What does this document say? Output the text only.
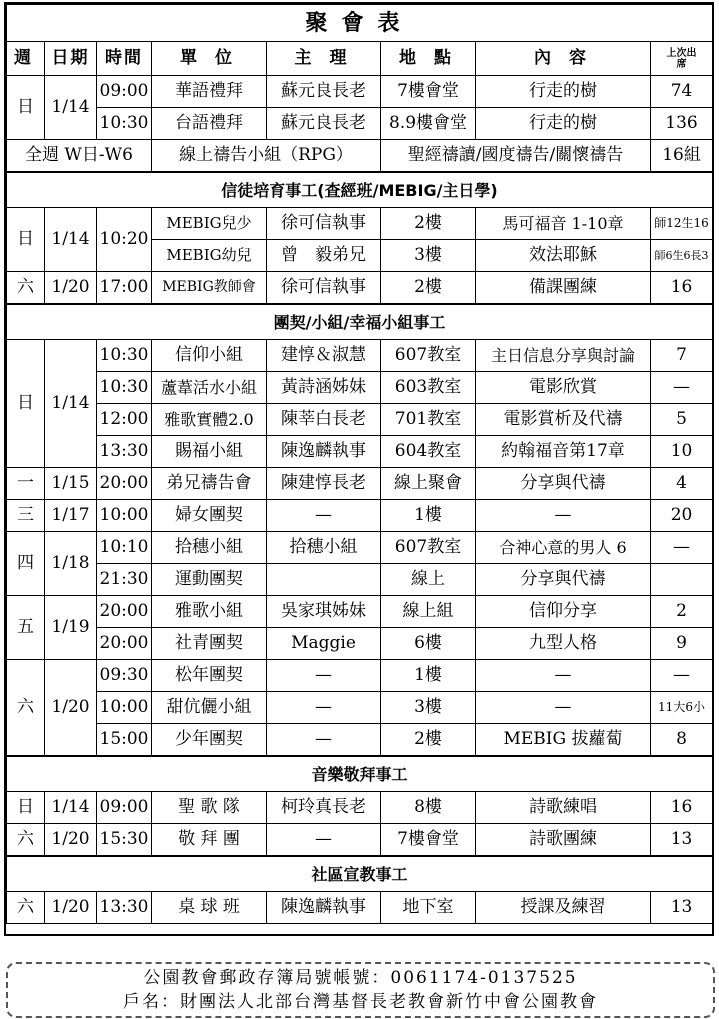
聚會表							
週	日期	時間	單 位	主 理	地 點	內 容	上次出席
日	1/14	09:00	華語禮拜	蘇元良長老	7樓會堂	行走的樹	74
		10:30	台語禮拜	蘇元良長老	8.9樓會堂	行走的樹	136
全週 W日-W6			線上禱告小組（RPG）		聖經禱讀/國度禱告/關懷禱告		16組
信徒培育事工(查經班/MEBIG/主日學)							
日	1/14	10:20	MEBIG兒少	徐可信執事	2樓	馬可福音 1-10章	師12生16
			MEBIG幼兒	曾　毅弟兄	3樓	效法耶穌	師6生6長3
六	1/20	17:00	MEBIG教師會	徐可信執事	2樓	備課團練	16
團契/小組/幸福小組事工							
日	1/14	10:30	信仰小組	建惇＆淑慧	607教室	主日信息分享與討論	7
		10:30	蘆葦活水小組	黃詩涵姊妹	603教室	電影欣賞	—
		12:00	雅歌實體2.0	陳莘白長老	701教室	電影賞析及代禱	5
		13:30	賜福小組	陳逸麟執事	604教室	約翰福音第17章	10
一	1/15	20:00	弟兄禱告會	陳建惇長老	線上聚會	分享與代禱	4
三	1/17	10:00	婦女團契	—	1樓	—	20
四	1/18	10:10	拾穗小組	拾穗小組	607教室	合神心意的男人 6	—
		21:30	運動團契		線上	分享與代禱	
五	1/19	20:00	雅歌小組	吳家琪姊妹	線上組	信仰分享	2
		20:00	社青團契	Maggie	6樓	九型人格	9
六	1/20	09:30	松年團契	—	1樓	—	—
		10:00	甜伉儷小組	—	3樓	—	11大6小
		15:00	少年團契	—	2樓	MEBIG 拔蘿蔔	8
音樂敬拜事工							
日	1/14	09:00	聖 歌 隊	柯玲真長老	8樓	詩歌練唱	16
六	1/20	15:30	敬 拜 團	—	7樓會堂	詩歌團練	13
社區宣教事工							
六	1/20	13:30	桌 球 班	陳逸麟執事	地下室	授課及練習	13
公園教會郵政存簿局號帳號：0061174-0137525
戶名：財團法人北部台灣基督長老教會新竹中會公園教會
